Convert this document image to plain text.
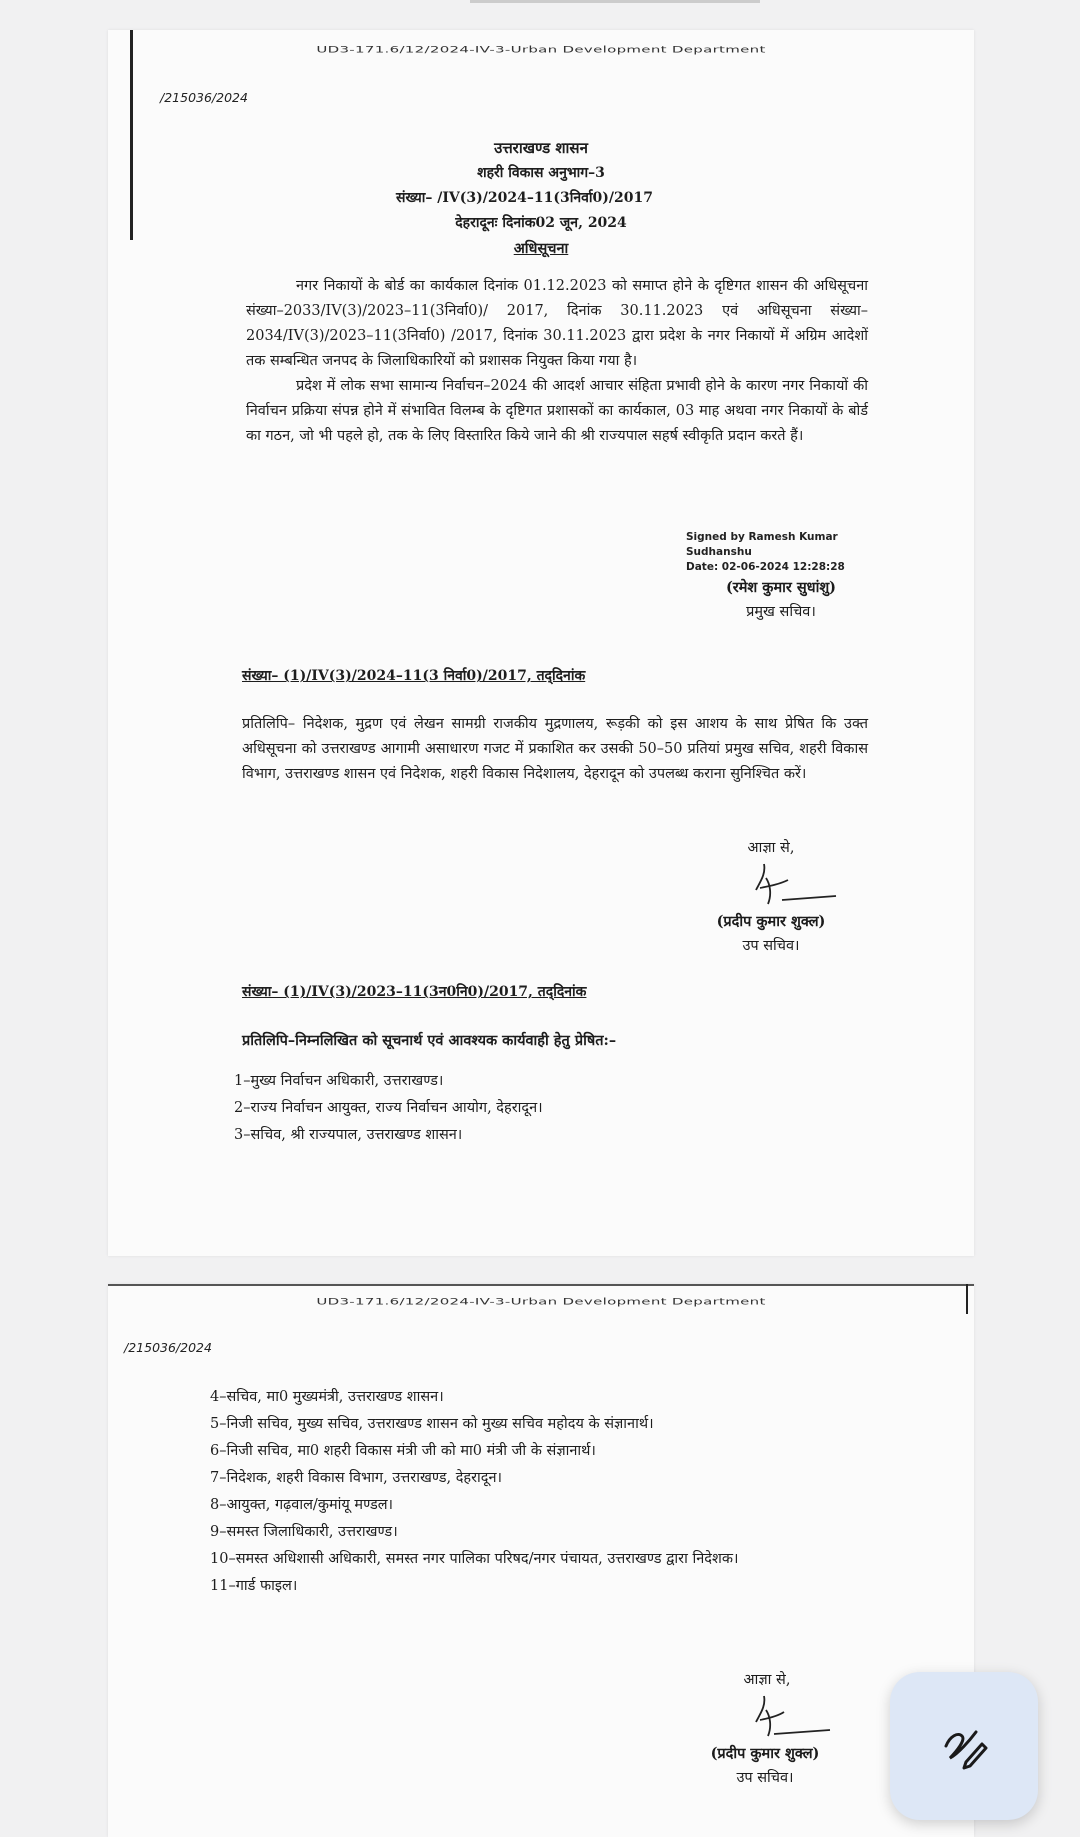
UD3-171.6/12/2024-IV-3-Urban Development Department
/215036/2024
उत्तराखण्ड शासन
शहरी विकास अनुभाग–3
संख्या– /IV(3)/2024–11(3निर्वा0)/2017
देहरादूनः दिनांक02 जून, 2024
अधिसूचना

नगर निकायों के बोर्ड का कार्यकाल दिनांक 01.12.2023 को समाप्त होने के दृष्टिगत शासन की अधिसूचना संख्या–2033/IV(3)/2023–11(3निर्वा0)/ 2017, दिनांक 30.11.2023 एवं अधिसूचना संख्या–2034/IV(3)/2023–11(3निर्वा0) /2017, दिनांक 30.11.2023 द्वारा प्रदेश के नगर निकायों में अग्रिम आदेशों तक सम्बन्धित जनपद के जिलाधिकारियों को प्रशासक नियुक्त किया गया है।

प्रदेश में लोक सभा सामान्य निर्वाचन–2024 की आदर्श आचार संहिता प्रभावी होने के कारण नगर निकायों की निर्वाचन प्रक्रिया संपन्न होने में संभावित विलम्ब के दृष्टिगत प्रशासकों का कार्यकाल, 03 माह अथवा नगर निकायों के बोर्ड का गठन, जो भी पहले हो, तक के लिए विस्तारित किये जाने की श्री राज्यपाल सहर्ष स्वीकृति प्रदान करते हैं।

Signed by Ramesh Kumar
Sudhanshu
Date: 02-06-2024 12:28:28
(रमेश कुमार सुधांशु)
प्रमुख सचिव।
संख्या– (1)/IV(3)/2024–11(3 निर्वा0)/2017, तद्‌दिनांक

प्रतिलिपि– निदेशक, मुद्रण एवं लेखन सामग्री राजकीय मुद्रणालय, रूड़की को इस आशय के साथ प्रेषित कि उक्त अधिसूचना को उत्तराखण्ड आगामी असाधारण गजट में प्रकाशित कर उसकी 50–50 प्रतियां प्रमुख सचिव, शहरी विकास विभाग, उत्तराखण्ड शासन एवं निदेशक, शहरी विकास निदेशालय, देहरादून को उपलब्ध कराना सुनिश्चित करें।

आज्ञा से,
(प्रदीप कुमार शुक्ल)
उप सचिव।
संख्या– (1)/IV(3)/2023–11(3न0नि0)/2017, तद्‌दिनांक
प्रतिलिपि–निम्नलिखित को सूचनार्थ एवं आवश्यक कार्यवाही हेतु प्रेषित:–

1–मुख्य निर्वाचन अधिकारी, उत्तराखण्ड।

2–राज्य निर्वाचन आयुक्त, राज्य निर्वाचन आयोग, देहरादून।

3–सचिव, श्री राज्यपाल, उत्तराखण्ड शासन।

UD3-171.6/12/2024-IV-3-Urban Development Department
/215036/2024

4–सचिव, मा0 मुख्यमंत्री, उत्तराखण्ड शासन।

5–निजी सचिव, मुख्य सचिव, उत्तराखण्ड शासन को मुख्य सचिव महोदय के संज्ञानार्थ।

6–निजी सचिव, मा0 शहरी विकास मंत्री जी को मा0 मंत्री जी के संज्ञानार्थ।

7–निदेशक, शहरी विकास विभाग, उत्तराखण्ड, देहरादून।

8–आयुक्त, गढ़वाल/कुमांयू मण्डल।

9–समस्त जिलाधिकारी, उत्तराखण्ड।

10–समस्त अधिशासी अधिकारी, समस्त नगर पालिका परिषद/नगर पंचायत, उत्तराखण्ड द्वारा निदेशक।

11–गार्ड फाइल।

आज्ञा से,
(प्रदीप कुमार शुक्ल)
उप सचिव।
